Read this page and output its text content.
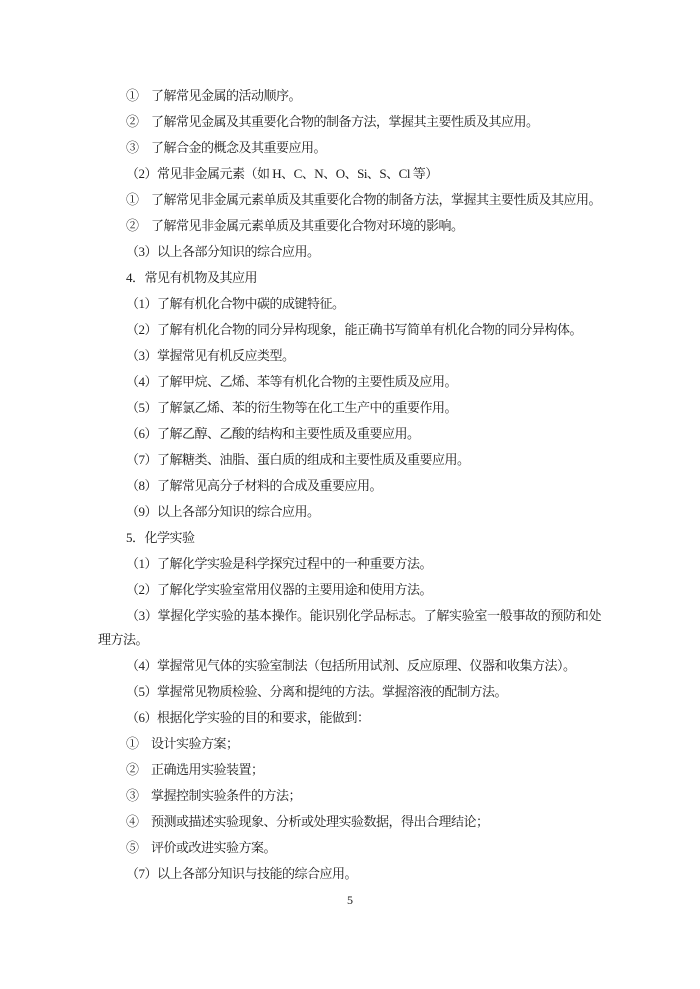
①　了解常见金属的活动顺序。

②　了解常见金属及其重要化合物的制备方法，掌握其主要性质及其应用。

③　了解合金的概念及其重要应用。

（2）常见非金属元素（如 H、C、N、O、Si、S、Cl 等）

①　了解常见非金属元素单质及其重要化合物的制备方法，掌握其主要性质及其应用。

②　了解常见非金属元素单质及其重要化合物对环境的影响。

（3）以上各部分知识的综合应用。

4．常见有机物及其应用

（1）了解有机化合物中碳的成键特征。

（2）了解有机化合物的同分异构现象，能正确书写简单有机化合物的同分异构体。

（3）掌握常见有机反应类型。

（4）了解甲烷、乙烯、苯等有机化合物的主要性质及应用。

（5）了解氯乙烯、苯的衍生物等在化工生产中的重要作用。

（6）了解乙醇、乙酸的结构和主要性质及重要应用。

（7）了解糖类、油脂、蛋白质的组成和主要性质及重要应用。

（8）了解常见高分子材料的合成及重要应用。

（9）以上各部分知识的综合应用。

5．化学实验

（1）了解化学实验是科学探究过程中的一种重要方法。

（2）了解化学实验室常用仪器的主要用途和使用方法。

（3）掌握化学实验的基本操作。能识别化学品标志。了解实验室一般事故的预防和处理方法。

（4）掌握常见气体的实验室制法（包括所用试剂、反应原理、仪器和收集方法）。

（5）掌握常见物质检验、分离和提纯的方法。掌握溶液的配制方法。

（6）根据化学实验的目的和要求，能做到：

①　设计实验方案；

②　正确选用实验装置；

③　掌握控制实验条件的方法；

④　预测或描述实验现象、分析或处理实验数据，得出合理结论；

⑤　评价或改进实验方案。

（7）以上各部分知识与技能的综合应用。

5
